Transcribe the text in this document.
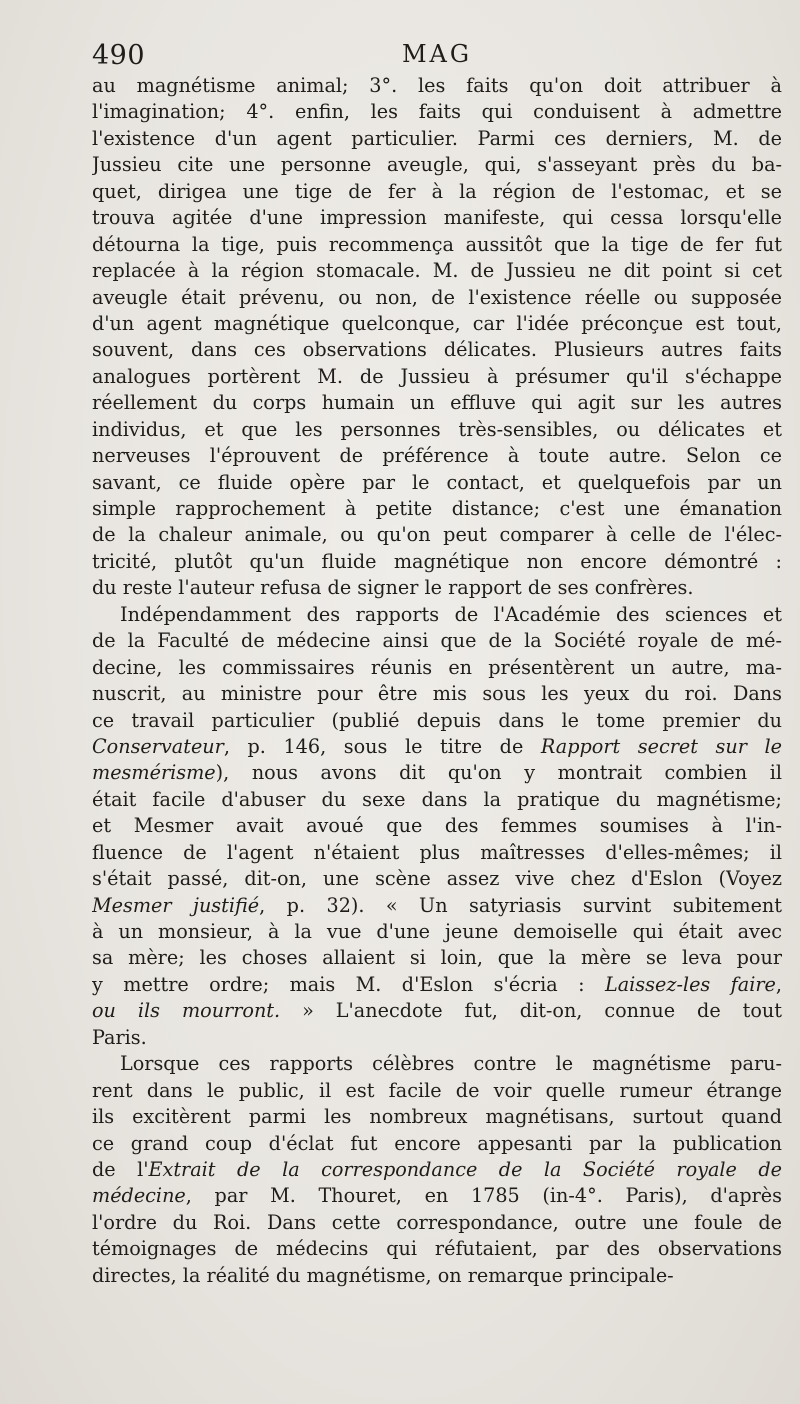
490	MAG
au magnétisme animal; 3°. les faits qu'on doit attribuer à
l'imagination; 4°. enfin, les faits qui conduisent à admettre
l'existence d'un agent particulier. Parmi ces derniers, M. de
Jussieu cite une personne aveugle, qui, s'asseyant près du ba-
quet, dirigea une tige de fer à la région de l'estomac, et se
trouva agitée d'une impression manifeste, qui cessa lorsqu'elle
détourna la tige, puis recommença aussitôt que la tige de fer fut
replacée à la région stomacale. M. de Jussieu ne dit point si cet
aveugle était prévenu, ou non, de l'existence réelle ou supposée
d'un agent magnétique quelconque, car l'idée préconçue est tout,
souvent, dans ces observations délicates. Plusieurs autres faits
analogues portèrent M. de Jussieu à présumer qu'il s'échappe
réellement du corps humain un effluve qui agit sur les autres
individus, et que les personnes très-sensibles, ou délicates et
nerveuses l'éprouvent de préférence à toute autre. Selon ce
savant, ce fluide opère par le contact, et quelquefois par un
simple rapprochement à petite distance; c'est une émanation
de la chaleur animale, ou qu'on peut comparer à celle de l'élec-
tricité, plutôt qu'un fluide magnétique non encore démontré :
du reste l'auteur refusa de signer le rapport de ses confrères.
Indépendamment des rapports de l'Académie des sciences et
de la Faculté de médecine ainsi que de la Société royale de mé-
decine, les commissaires réunis en présentèrent un autre, ma-
nuscrit, au ministre pour être mis sous les yeux du roi. Dans
ce travail particulier (publié depuis dans le tome premier du
Conservateur, p. 146, sous le titre de Rapport secret sur le
mesmérisme), nous avons dit qu'on y montrait combien il
était facile d'abuser du sexe dans la pratique du magnétisme;
et Mesmer avait avoué que des femmes soumises à l'in-
fluence de l'agent n'étaient plus maîtresses d'elles-mêmes; il
s'était passé, dit-on, une scène assez vive chez d'Eslon (Voyez
Mesmer justifié, p. 32). « Un satyriasis survint subitement
à un monsieur, à la vue d'une jeune demoiselle qui était avec
sa mère; les choses allaient si loin, que la mère se leva pour
y mettre ordre; mais M. d'Eslon s'écria : Laissez-les faire,
ou ils mourront. » L'anecdote fut, dit-on, connue de tout
Paris.
Lorsque ces rapports célèbres contre le magnétisme paru-
rent dans le public, il est facile de voir quelle rumeur étrange
ils excitèrent parmi les nombreux magnétisans, surtout quand
ce grand coup d'éclat fut encore appesanti par la publication
de l'Extrait de la correspondance de la Société royale de
médecine, par M. Thouret, en 1785 (in-4°. Paris), d'après
l'ordre du Roi. Dans cette correspondance, outre une foule de
témoignages de médecins qui réfutaient, par des observations
directes, la réalité du magnétisme, on remarque principale-
